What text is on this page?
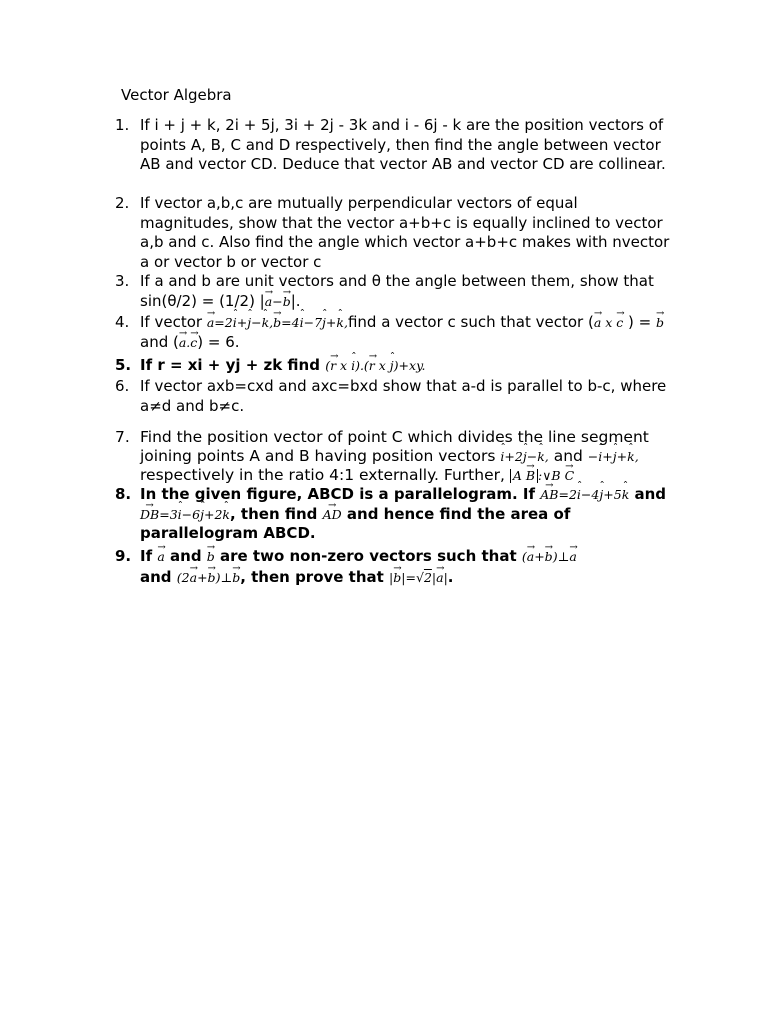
Vector Algebra
1. If i + j + k, 2i + 5j, 3i + 2j - 3k and i - 6j - k are the position vectors of points A, B, C and D respectively, then find the angle between vector AB and vector CD. Deduce that vector AB and vector CD are collinear.
2. If vector a,b,c are mutually perpendicular vectors of equal magnitudes, show that the vector a+b+c is equally inclined to vector a,b and c. Also find the angle which vector a+b+c makes with nvector a or vector b or vector c
3. If a and b are unit vectors and θ the angle between them, show that sin(θ/2) = (1/2) |→ a−→ b|.
4. If vector → a=2ˆ i+ˆ j−ˆ k,→ b=4ˆ i−7ˆ j+ˆ k,find a vector c such that vector (→ a x → c ) = → b and (→ a.→ c) = 6.
5. If r = xi + yj + zk find (→ r x ˆ i).(→ r x ˆ j)+xy.
6. If vector axb=cxd and axc=bxd show that a-d is parallel to b-c, where a≠d and b≠c.
7. Find the position vector of point C which divides the line segment joining points A and B having position vectors ˆ i+2ˆ j−ˆ k, and −ˆ i+ˆ j+ˆ k, respectively in the ratio 4:1 externally. Further, A → B :∨B → C
8. In the given figure, ABCD is a parallelogram. If → AB=2ˆ i−4ˆ j+5ˆ k and → DB=3ˆ i−6ˆ j+2ˆ k, then find → AD and hence find the area of parallelogram ABCD.
9. If → a and → b are two non-zero vectors such that (→ a+→ b)⊥→ a
and (2→ a+→ b)⊥→ b, then prove that |→ b|=√2|→ a|.
